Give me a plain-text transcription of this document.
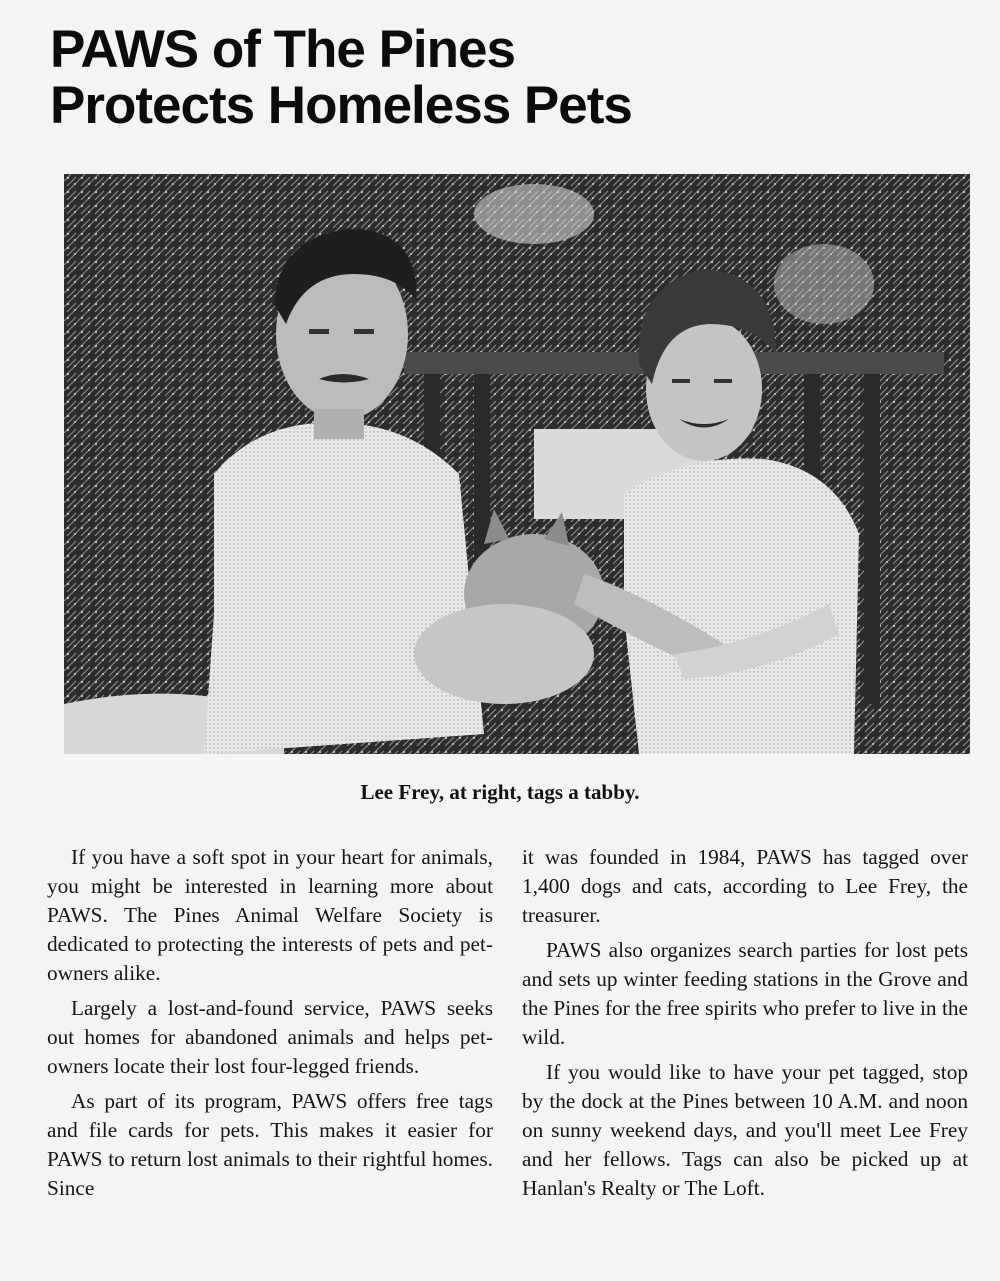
PAWS of The Pines
Protects Homeless Pets
Lee Frey, at right, tags a tabby.

If you have a soft spot in your heart for animals, you might be interested in learning more about PAWS. The Pines Animal Welfare Society is dedicated to protecting the interests of pets and pet-owners alike.

Largely a lost-and-found service, PAWS seeks out homes for abandoned animals and helps pet-owners locate their lost four-legged friends.

As part of its program, PAWS offers free tags and file cards for pets. This makes it easier for PAWS to return lost animals to their rightful homes. Since

it was founded in 1984, PAWS has tagged over 1,400 dogs and cats, according to Lee Frey, the treasurer.

PAWS also organizes search parties for lost pets and sets up winter feeding stations in the Grove and the Pines for the free spirits who prefer to live in the wild.

If you would like to have your pet tagged, stop by the dock at the Pines between 10 A.M. and noon on sunny weekend days, and you'll meet Lee Frey and her fellows. Tags can also be picked up at Hanlan's Realty or The Loft.
